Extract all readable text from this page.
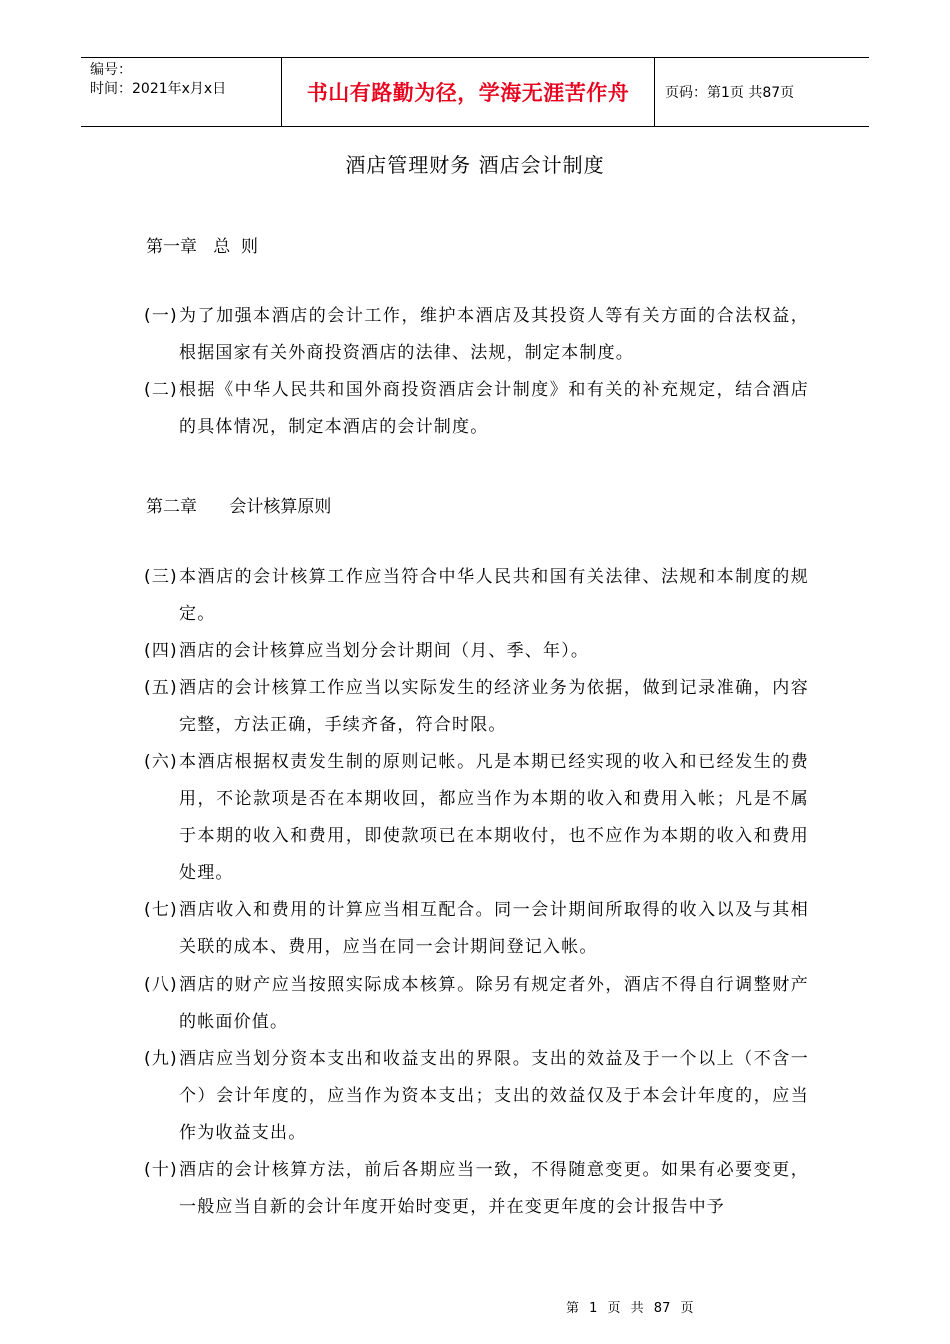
编号：
时间：2021年x月x日	书山有路勤为径，学海无涯苦作舟	页码：第1页 共87页
酒店管理财务 酒店会计制度
第一章   总  则
(一) 为了加强本酒店的会计工作，维护本酒店及其投资人等有关方面的合法权益，根据国家有关外商投资酒店的法律、法规，制定本制度。
(二) 根据《中华人民共和国外商投资酒店会计制度》和有关的补充规定，结合酒店的具体情况，制定本酒店的会计制度。
第二章      会计核算原则
(三) 本酒店的会计核算工作应当符合中华人民共和国有关法律、法规和本制度的规定。
(四) 酒店的会计核算应当划分会计期间（月、季、年）。
(五) 酒店的会计核算工作应当以实际发生的经济业务为依据，做到记录准确，内容完整，方法正确，手续齐备，符合时限。
(六) 本酒店根据权责发生制的原则记帐。凡是本期已经实现的收入和已经发生的费用，不论款项是否在本期收回，都应当作为本期的收入和费用入帐；凡是不属于本期的收入和费用，即使款项已在本期收付，也不应作为本期的收入和费用处理。
(七) 酒店收入和费用的计算应当相互配合。同一会计期间所取得的收入以及与其相关联的成本、费用，应当在同一会计期间登记入帐。
(八) 酒店的财产应当按照实际成本核算。除另有规定者外，酒店不得自行调整财产的帐面价值。
(九) 酒店应当划分资本支出和收益支出的界限。支出的效益及于一个以上（不含一个）会计年度的，应当作为资本支出；支出的效益仅及于本会计年度的，应当作为收益支出。
(十) 酒店的会计核算方法，前后各期应当一致，不得随意变更。如果有必要变更，一般应当自新的会计年度开始时变更，并在变更年度的会计报告中予
第 1 页 共 87 页
